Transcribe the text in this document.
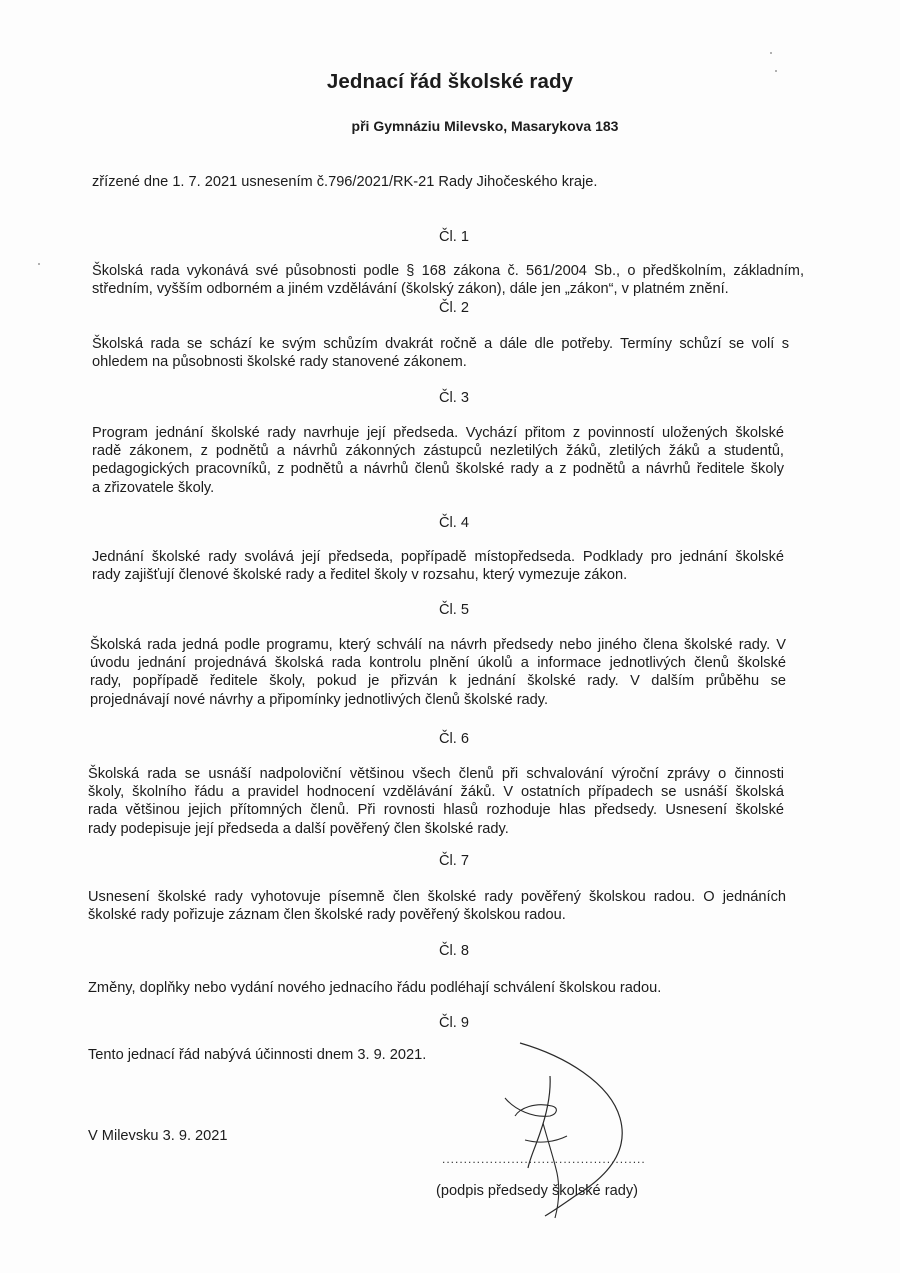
Jednací řád školské rady
při Gymnáziu Milevsko, Masarykova 183
zřízené dne 1. 7. 2021 usnesením č.796/2021/RK-21 Rady Jihočeského kraje.
Čl. 1
Školská rada vykonává své působnosti podle § 168 zákona č. 561/2004 Sb., o předškolním, základním,
středním, vyšším odborném a jiném vzdělávání (školský zákon), dále jen „zákon“, v platném znění.
Čl. 2
Školská rada se schází ke svým schůzím dvakrát ročně a dále dle potřeby. Termíny schůzí se volí s
ohledem na působnosti školské rady stanovené zákonem.
Čl. 3
Program jednání školské rady navrhuje její předseda. Vychází přitom z povinností uložených školské
radě zákonem, z podnětů a návrhů zákonných zástupců nezletilých žáků, zletilých žáků a studentů,
pedagogických pracovníků, z podnětů a návrhů členů školské rady a z podnětů a návrhů ředitele školy
a zřizovatele školy.
Čl. 4
Jednání školské rady svolává její předseda, popřípadě místopředseda. Podklady pro jednání školské
rady zajišťují členové školské rady a ředitel školy v rozsahu, který vymezuje zákon.
Čl. 5
Školská rada jedná podle programu, který schválí na návrh předsedy nebo jiného člena školské rady. V
úvodu jednání projednává školská rada kontrolu plnění úkolů a informace jednotlivých členů školské
rady, popřípadě ředitele školy, pokud je přizván k jednání školské rady. V dalším průběhu se
projednávají nové návrhy a připomínky jednotlivých členů školské rady.
Čl. 6
Školská rada se usnáší nadpoloviční většinou všech členů při schvalování výroční zprávy o činnosti
školy, školního řádu a pravidel hodnocení vzdělávání žáků. V ostatních případech se usnáší školská
rada většinou jejich přítomných členů. Při rovnosti hlasů rozhoduje hlas předsedy. Usnesení školské
rady podepisuje její předseda a další pověřený člen školské rady.
Čl. 7
Usnesení školské rady vyhotovuje písemně člen školské rady pověřený školskou radou. O jednáních
školské rady pořizuje záznam člen školské rady pověřený školskou radou.
Čl. 8
Změny, doplňky nebo vydání nového jednacího řádu podléhají schválení školskou radou.
Čl. 9
Tento jednací řád nabývá účinnosti dnem 3. 9. 2021.
V Milevsku 3. 9. 2021
...............................................
(podpis předsedy školské rady)
